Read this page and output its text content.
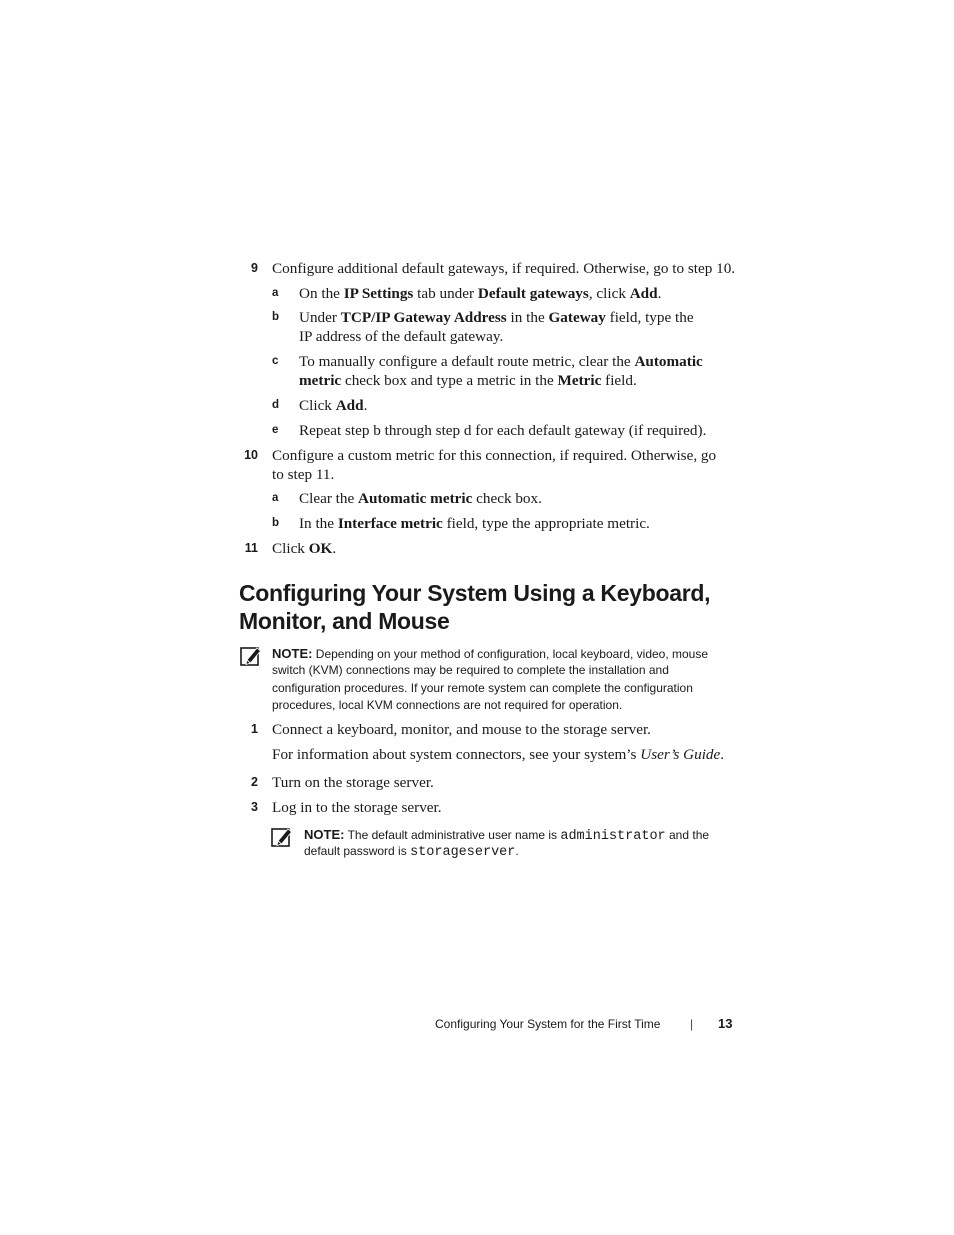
9 Configure additional default gateways, if required. Otherwise, go to step 10.
a On the IP Settings tab under Default gateways, click Add.
b Under TCP/IP Gateway Address in the Gateway field, type the
IP address of the default gateway.
c To manually configure a default route metric, clear the Automatic
metric check box and type a metric in the Metric field.
d Click Add.
e Repeat step b through step d for each default gateway (if required).
10 Configure a custom metric for this connection, if required. Otherwise, go
to step 11.
a Clear the Automatic metric check box.
b In the Interface metric field, type the appropriate metric.
11 Click OK.
Configuring Your System Using a Keyboard,
Monitor, and Mouse
NOTE: Depending on your method of configuration, local keyboard, video, mouse
switch (KVM) connections may be required to complete the installation and
configuration procedures. If your remote system can complete the configuration
procedures, local KVM connections are not required for operation.
1 Connect a keyboard, monitor, and mouse to the storage server.
For information about system connectors, see your system’s User’s Guide.
2 Turn on the storage server.
3 Log in to the storage server.
NOTE: The default administrative user name is administrator and the
default password is storageserver.
Configuring Your System for the First Time | 13
